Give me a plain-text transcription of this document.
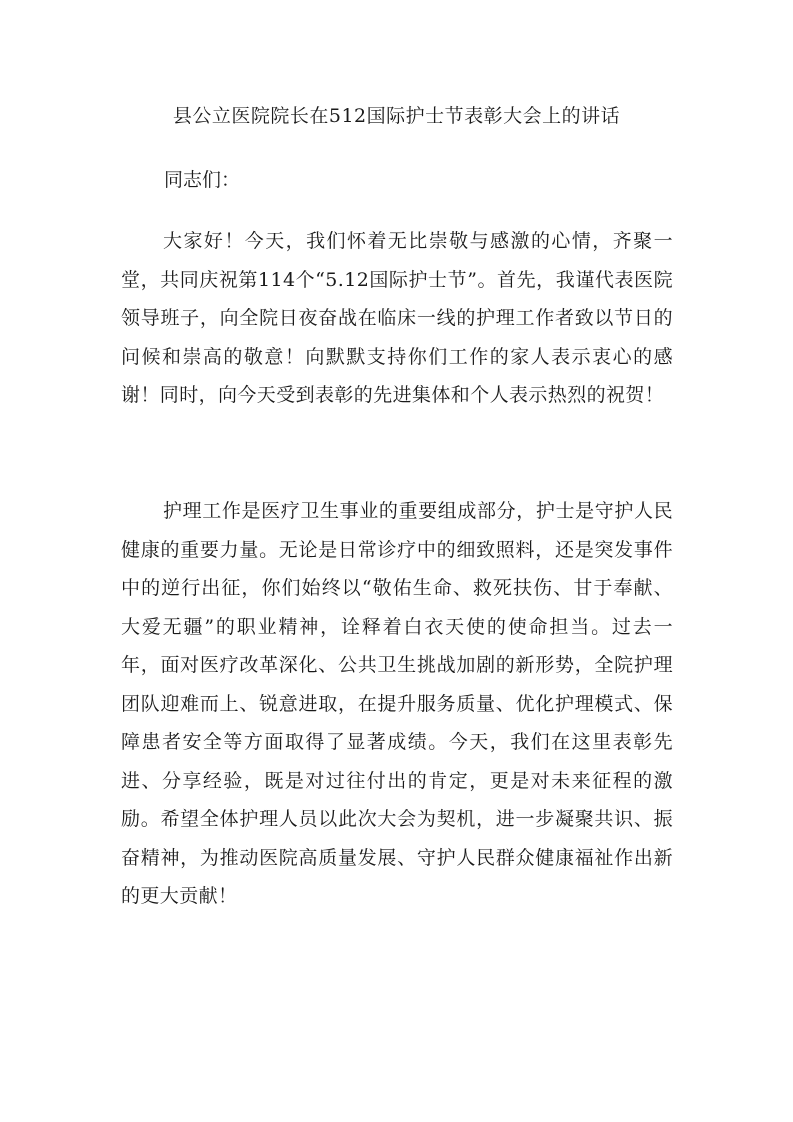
县公立医院院长在512国际护士节表彰大会上的讲话
同志们：

大家好！今天，我们怀着无比崇敬与感激的心情，齐聚一堂，共同庆祝第114个“5.12国际护士节”。首先，我谨代表医院领导班子，向全院日夜奋战在临床一线的护理工作者致以节日的问候和崇高的敬意！向默默支持你们工作的家人表示衷心的感谢！同时，向今天受到表彰的先进集体和个人表示热烈的祝贺！

护理工作是医疗卫生事业的重要组成部分，护士是守护人民健康的重要力量。无论是日常诊疗中的细致照料，还是突发事件中的逆行出征，你们始终以“敬佑生命、救死扶伤、甘于奉献、大爱无疆”的职业精神，诠释着白衣天使的使命担当。过去一年，面对医疗改革深化、公共卫生挑战加剧的新形势，全院护理团队迎难而上、锐意进取，在提升服务质量、优化护理模式、保障患者安全等方面取得了显著成绩。今天，我们在这里表彰先进、分享经验，既是对过往付出的肯定，更是对未来征程的激励。希望全体护理人员以此次大会为契机，进一步凝聚共识、振奋精神，为推动医院高质量发展、守护人民群众健康福祉作出新的更大贡献！
